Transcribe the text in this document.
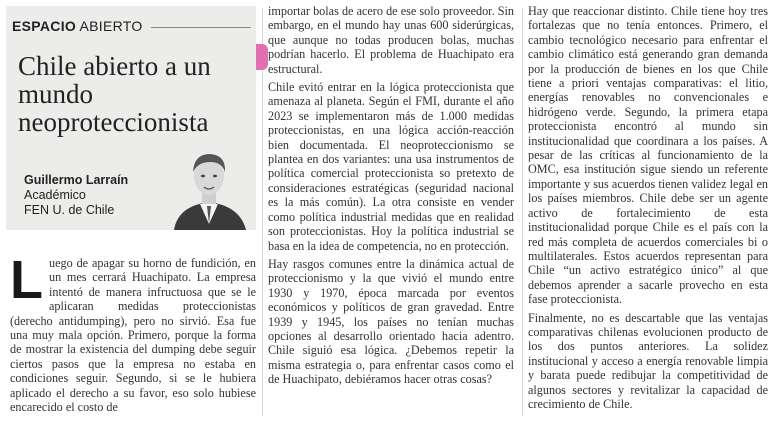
ESPACIO ABIERTO
Chile abierto a un mundo neoproteccionista
Guillermo Larraín
Académico
FEN U. de Chile

Luego de apagar su horno de fundición, en un mes cerrará Huachipato. La empresa intentó de manera infructuosa que se le aplicaran medidas proteccionistas (derecho antidumping), pero no sirvió. Esa fue una muy mala opción. Primero, porque la forma de mostrar la existencia del dumping debe seguir ciertos pasos que la empresa no estaba en condiciones seguir. Segundo, si se le hubiera aplicado el derecho a su favor, eso solo hubiese encarecido el costo de

importar bolas de acero de ese solo proveedor. Sin embargo, en el mundo hay unas 600 siderúrgicas, que aunque no todas producen bolas, muchas podrían hacerlo. El problema de Huachipato era estructural.

Chile evitó entrar en la lógica proteccionista que amenaza al planeta. Según el FMI, durante el año 2023 se implementaron más de 1.000 medidas proteccionistas, en una lógica acción-reacción bien documentada. El neoproteccionismo se plantea en dos variantes: una usa instrumentos de política comercial proteccionista so pretexto de consideraciones estratégicas (seguridad nacional es la más común). La otra consiste en vender como política industrial medidas que en realidad son proteccionistas. Hoy la política industrial se basa en la idea de competencia, no en protección.

Hay rasgos comunes entre la dinámica actual de proteccionismo y la que vivió el mundo entre 1930 y 1970, época marcada por eventos económicos y políticos de gran gravedad. Entre 1939 y 1945, los países no tenían muchas opciones al desarrollo orientado hacia adentro. Chile siguió esa lógica. ¿Debemos repetir la misma estrategia o, para enfrentar casos como el de Huachipato, debiéramos hacer otras cosas?

Hay que reaccionar distinto. Chile tiene hoy tres fortalezas que no tenía entonces. Primero, el cambio tecnológico necesario para enfrentar el cambio climático está generando gran demanda por la producción de bienes en los que Chile tiene a priori ventajas comparativas: el litio, energías renovables no convencionales e hidrógeno verde. Segundo, la primera etapa proteccionista encontró al mundo sin institucionalidad que coordinara a los países. A pesar de las críticas al funcionamiento de la OMC, esa institución sigue siendo un referente importante y sus acuerdos tienen validez legal en los países miembros. Chile debe ser un agente activo de fortalecimiento de esta institucionalidad porque Chile es el país con la red más completa de acuerdos comerciales bi o multilaterales. Estos acuerdos representan para Chile “un activo estratégico único” al que debemos aprender a sacarle provecho en esta fase proteccionista.

Finalmente, no es descartable que las ventajas comparativas chilenas evolucionen producto de los dos puntos anteriores. La solidez institucional y acceso a energía renovable limpia y barata puede redibujar la competitividad de algunos sectores y revitalizar la capacidad de crecimiento de Chile.
